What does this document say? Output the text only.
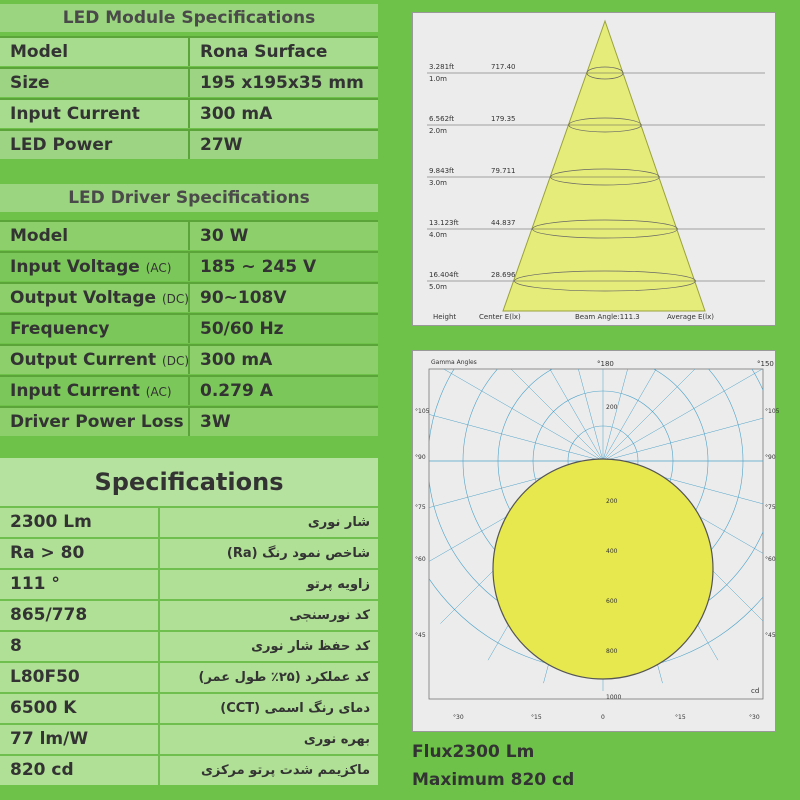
LED Module Specifications
Model	Rona Surface
Size	195 x195x35 mm
Input Current	300 mA
LED Power	27W
LED Driver Specifications
Model	30 W
Input Voltage (AC)	185 ~ 245 V
Output Voltage (DC) 90~108V
Frequency	50/60 Hz
Output Current (DC) 300 mA
Input Current (AC)	0.279 A
Driver Power Loss 3W
Specifications
2300 Lm	شار نوری
Ra > 80	شاخص نمود رنگ (Ra)
111 °	زاویه پرتو
865/778	کد نورسنجی
8	کد حفظ شار نوری
L80F50	کد عملکرد (۲۵٪ طول عمر)
6500 K	دمای رنگ اسمی (CCT)
77 lm/W	بهره نوری
820 cd	ماکزیمم شدت پرتو مرکزی
3.281ft
1.0m
717.40
6.562ft
2.0m
179.35
9.843ft
3.0m
79.711
13.123ft
4.0m
44.837
16.404ft
5.0m
28.696
Height	Center E(lx)	Beam Angle:111.3	Average E(lx)
Gamma Angles	°180	°150
°105
°90
°75
°60
°45
°105
°90
°75
°60
°45
°30	°15	0	°15	°30
200
200
400
600
800
1000
cd
Flux2300 Lm
Maximum 820 cd
